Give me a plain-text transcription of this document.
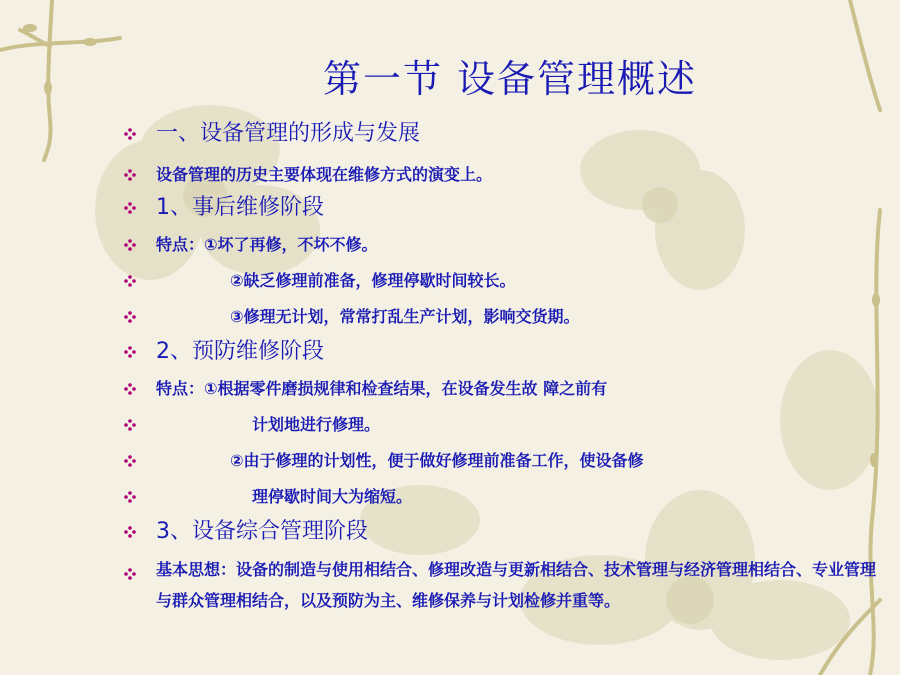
第一节 设备管理概述
一、设备管理的形成与发展
设备管理的历史主要体现在维修方式的演变上。
1、事后维修阶段
特点：①坏了再修，不坏不修。
②缺乏修理前准备，修理停歇时间较长。
③修理无计划，常常打乱生产计划，影响交货期。
2、预防维修阶段
特点：①根据零件磨损规律和检查结果，在设备发生故 障之前有
计划地进行修理。
②由于修理的计划性，便于做好修理前准备工作，使设备修
理停歇时间大为缩短。
3、设备综合管理阶段
基本思想：设备的制造与使用相结合、修理改造与更新相结合、技术管理与经济管理相结合、专业管理与群众管理相结合，以及预防为主、维修保养与计划检修并重等。
